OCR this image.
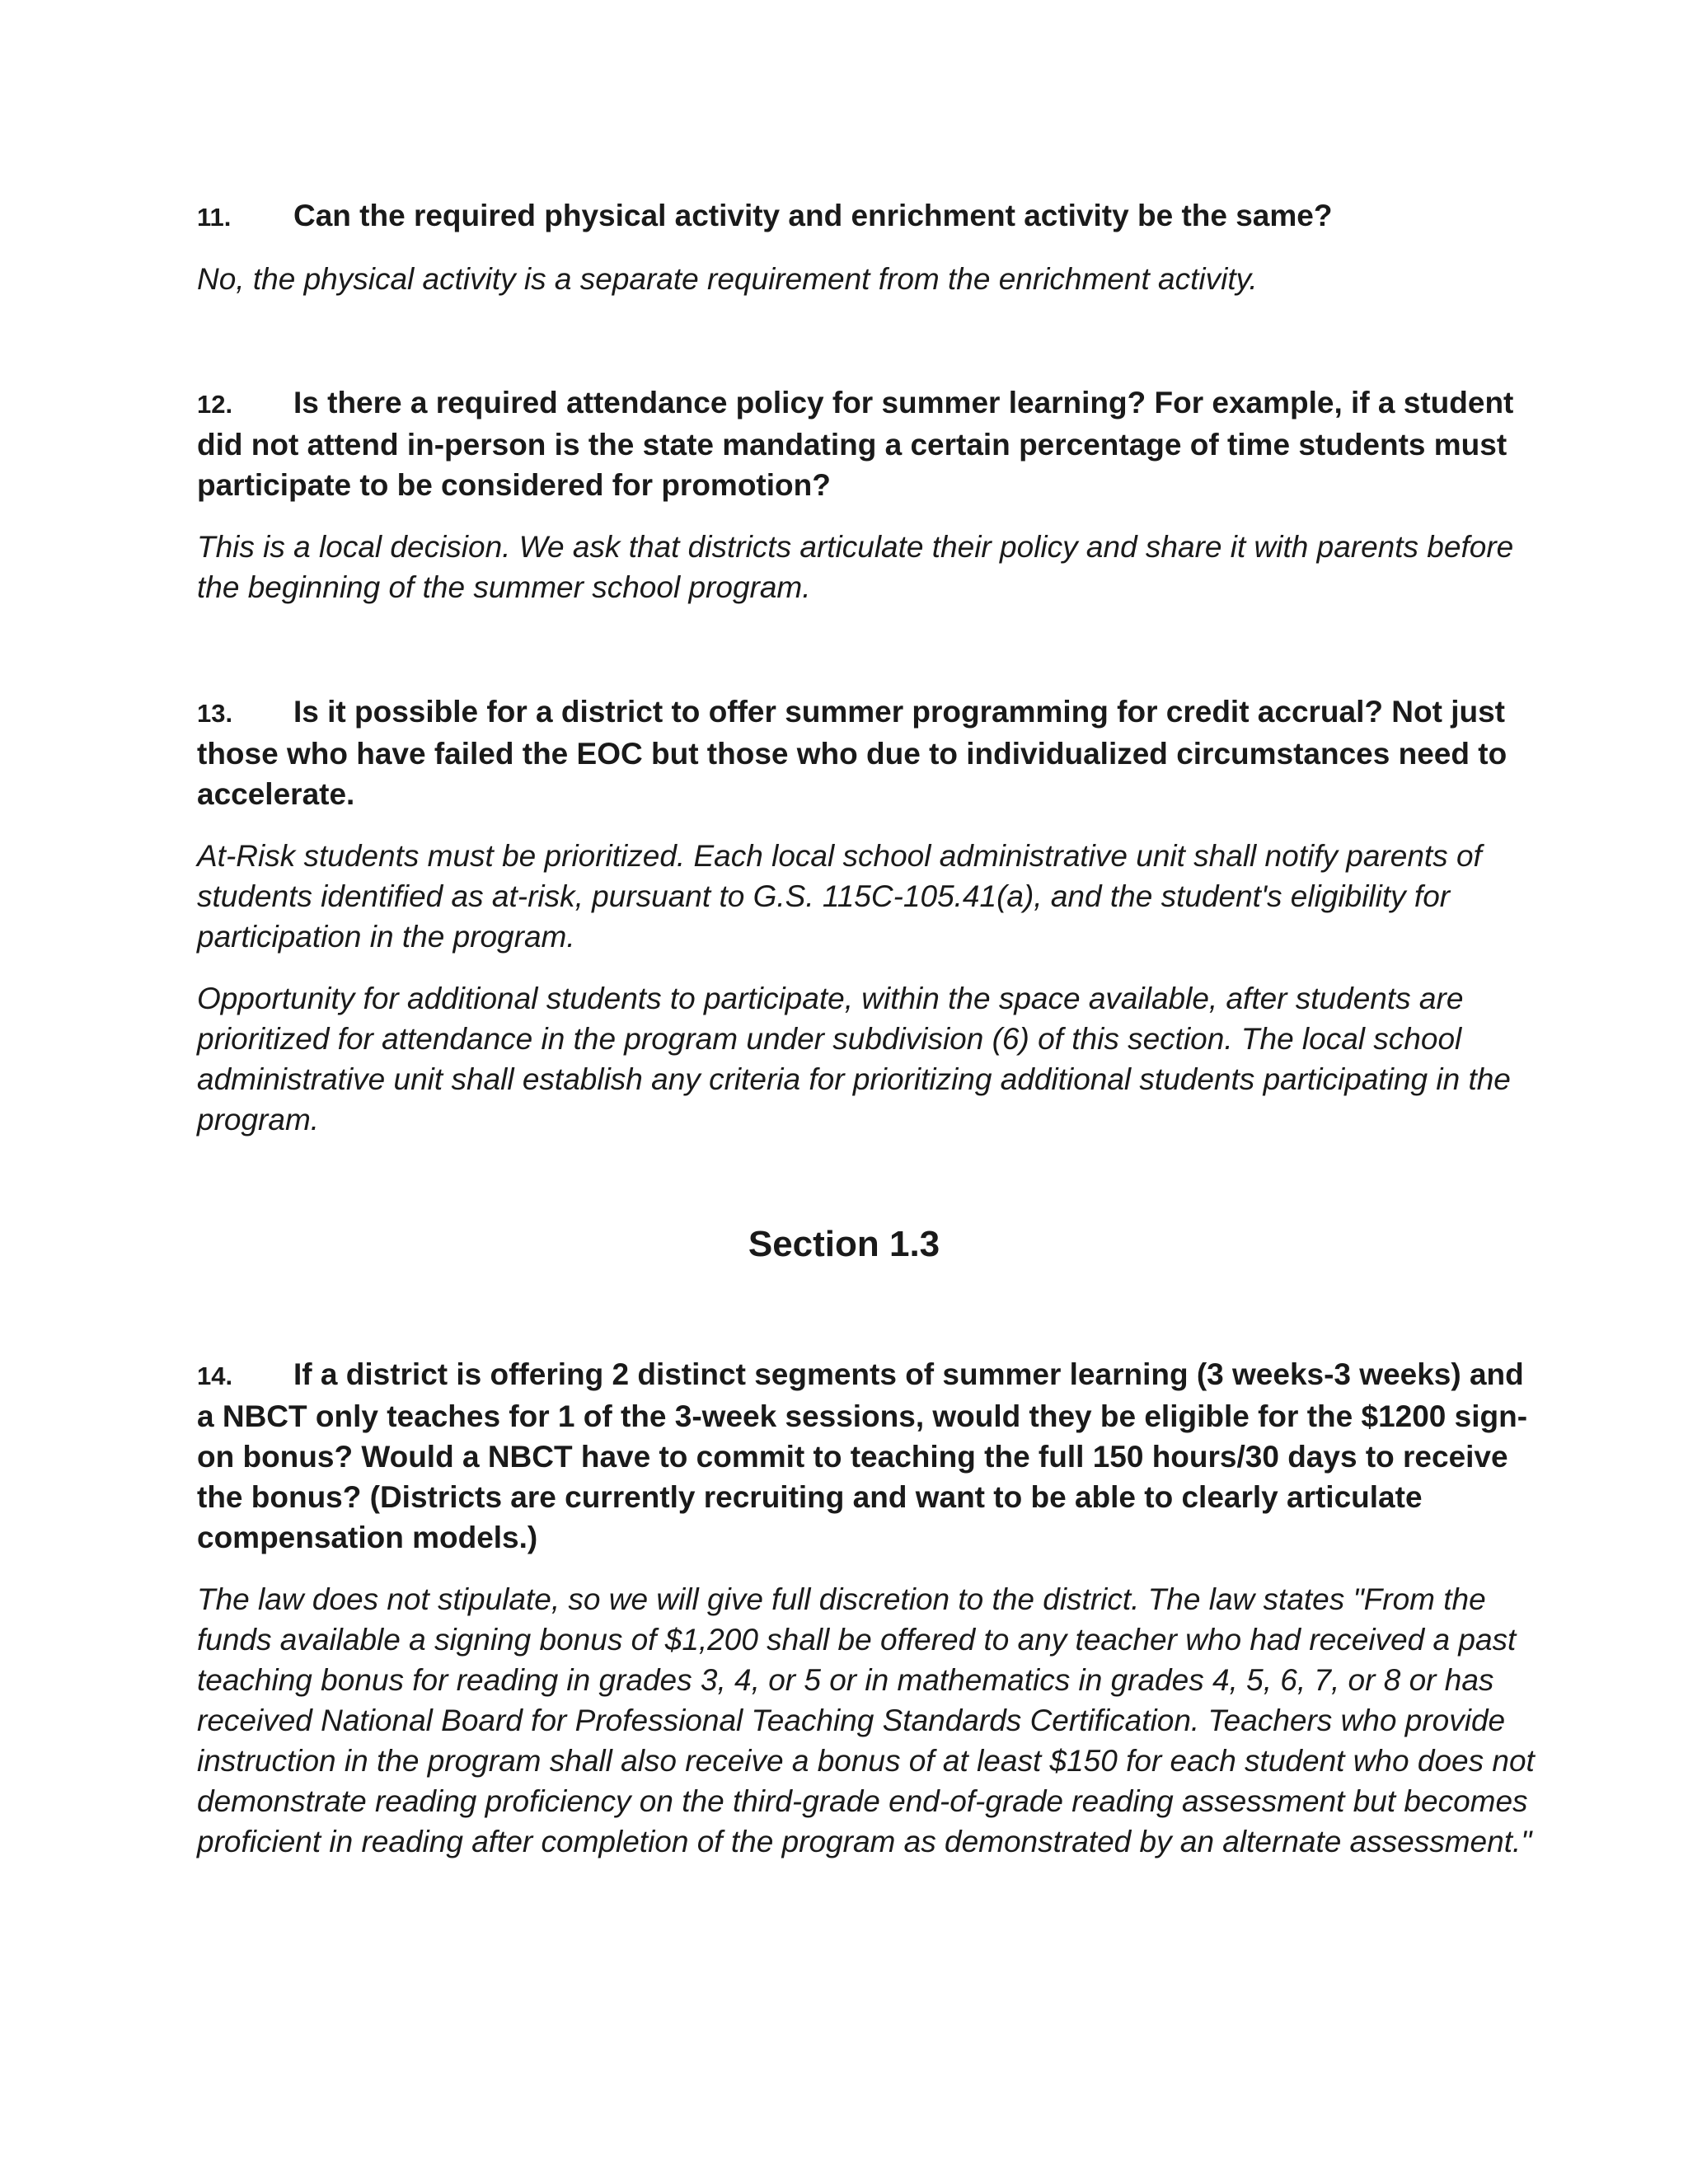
11. Can the required physical activity and enrichment activity be the same?

No, the physical activity is a separate requirement from the enrichment activity.

12. Is there a required attendance policy for summer learning? For example, if a student did not attend in-person is the state mandating a certain percentage of time students must participate to be considered for promotion?

This is a local decision. We ask that districts articulate their policy and share it with parents before the beginning of the summer school program.

13. Is it possible for a district to offer summer programming for credit accrual? Not just those who have failed the EOC but those who due to individualized circumstances need to accelerate.

At-Risk students must be prioritized. Each local school administrative unit shall notify parents of students identified as at-risk, pursuant to G.S. 115C-105.41(a), and the student's eligibility for participation in the program.

Opportunity for additional students to participate, within the space available, after students are prioritized for attendance in the program under subdivision (6) of this section. The local school administrative unit shall establish any criteria for prioritizing additional students participating in the program.

Section 1.3

14. If a district is offering 2 distinct segments of summer learning (3 weeks-3 weeks) and a NBCT only teaches for 1 of the 3-week sessions, would they be eligible for the $1200 sign-on bonus? Would a NBCT have to commit to teaching the full 150 hours/30 days to receive the bonus? (Districts are currently recruiting and want to be able to clearly articulate compensation models.)

The law does not stipulate, so we will give full discretion to the district. The law states "From the funds available a signing bonus of $1,200 shall be offered to any teacher who had received a past teaching bonus for reading in grades 3, 4, or 5 or in mathematics in grades 4, 5, 6, 7, or 8 or has received National Board for Professional Teaching Standards Certification. Teachers who provide instruction in the program shall also receive a bonus of at least $150 for each student who does not demonstrate reading proficiency on the third-grade end-of-grade reading assessment but becomes proficient in reading after completion of the program as demonstrated by an alternate assessment."
